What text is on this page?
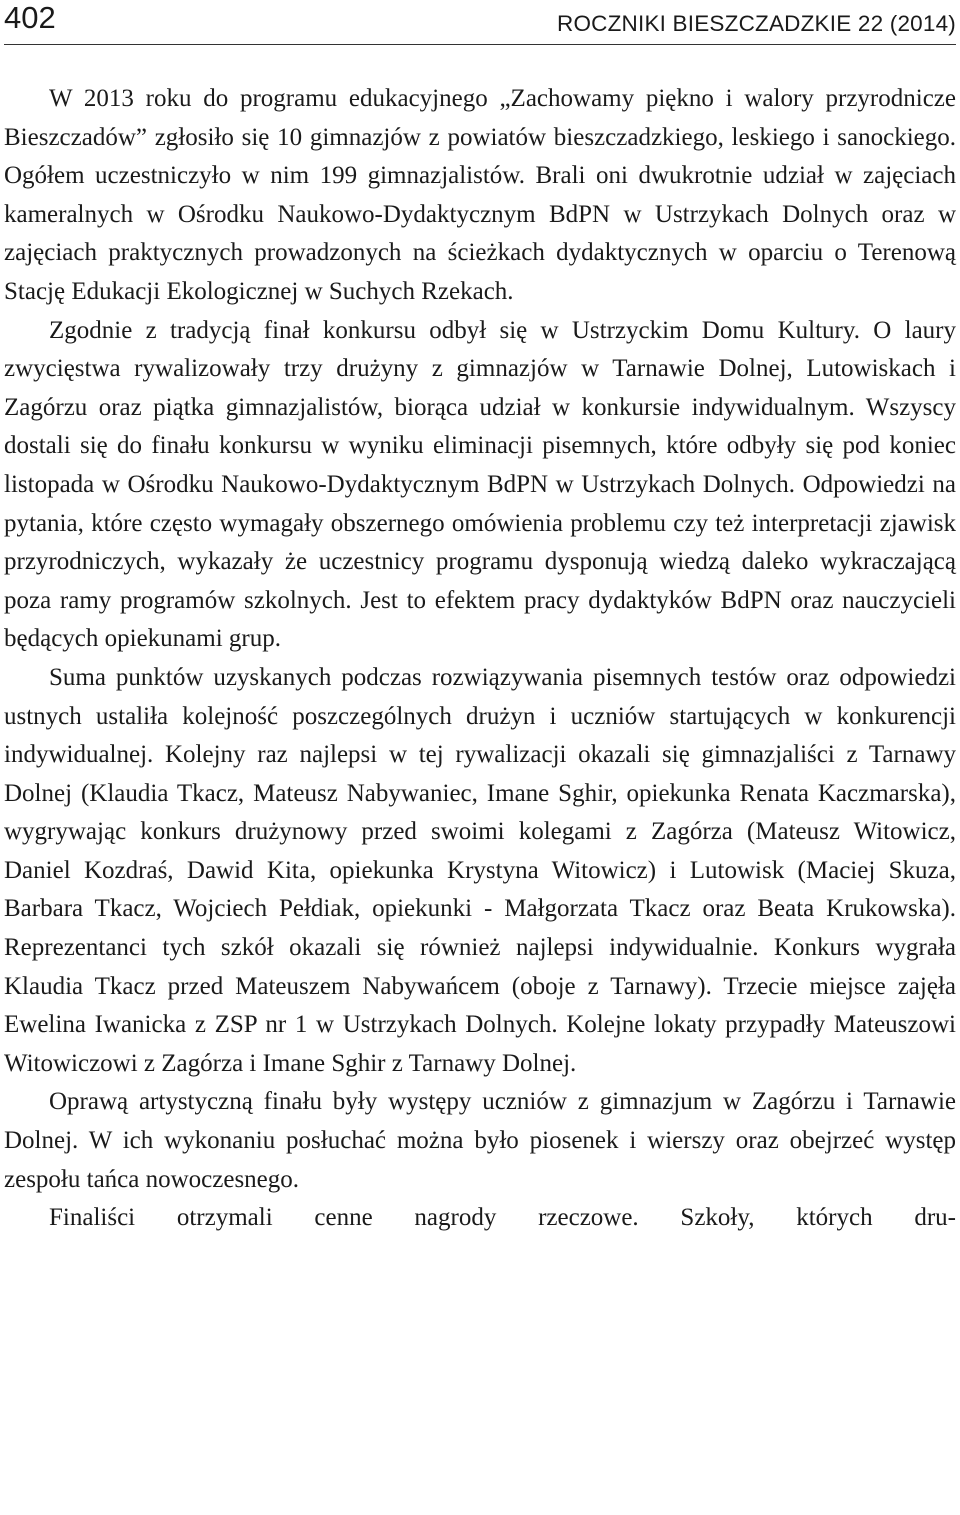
402	ROCZNIKI BIESZCZADZKIE 22 (2014)

W 2013 roku do programu edukacyjnego „Zachowamy piękno i walory przyrodnicze Bieszczadów” zgłosiło się 10 gimnazjów z powiatów bieszczadzkiego, leskiego i sanockiego. Ogółem uczestniczyło w nim 199 gimnazjalistów. Brali oni dwukrotnie udział w zajęciach kameralnych w Ośrodku Naukowo-Dydaktycznym BdPN w Ustrzykach Dolnych oraz w zajęciach praktycznych prowadzonych na ścieżkach dydaktycznych w oparciu o Terenową Stację Edukacji Ekologicznej w Suchych Rzekach.

Zgodnie z tradycją finał konkursu odbył się w Ustrzyckim Domu Kultury. O laury zwycięstwa rywalizowały trzy drużyny z gimnazjów w Tarnawie Dolnej, Lutowiskach i Zagórzu oraz piątka gimnazjalistów, biorąca udział w konkursie indywidualnym. Wszyscy dostali się do finału konkursu w wyniku eliminacji pisemnych, które odbyły się pod koniec listopada w Ośrodku Naukowo-Dydaktycznym BdPN w Ustrzykach Dolnych. Odpowiedzi na pytania, które często wymagały obszernego omówienia problemu czy też interpretacji zjawisk przyrodniczych, wykazały że uczestnicy programu dysponują wiedzą daleko wykraczającą poza ramy programów szkolnych. Jest to efektem pracy dydaktyków BdPN oraz nauczycieli będących opiekunami grup.

Suma punktów uzyskanych podczas rozwiązywania pisemnych testów oraz odpowiedzi ustnych ustaliła kolejność poszczególnych drużyn i uczniów startujących w konkurencji indywidualnej. Kolejny raz najlepsi w tej rywalizacji okazali się gimnazjaliści z Tarnawy Dolnej (Klaudia Tkacz, Mateusz Nabywaniec, Imane Sghir, opiekunka Renata Kaczmarska), wygrywając konkurs drużynowy przed swoimi kolegami z Zagórza (Mateusz Witowicz, Daniel Kozdraś, Dawid Kita, opiekunka Krystyna Witowicz) i Lutowisk (Maciej Skuza, Barbara Tkacz, Wojciech Pełdiak, opiekunki - Małgorzata Tkacz oraz Beata Krukowska). Reprezentanci tych szkół okazali się również najlepsi indywidualnie. Konkurs wygrała Klaudia Tkacz przed Mateuszem Nabywańcem (oboje z Tarnawy). Trzecie miejsce zajęła Ewelina Iwanicka z ZSP nr 1 w Ustrzykach Dolnych. Kolejne lokaty przypadły Mateuszowi Witowiczowi z Zagórza i Imane Sghir z Tarnawy Dolnej.

Oprawą artystyczną finału były występy uczniów z gimnazjum w Zagórzu i Tarnawie Dolnej. W ich wykonaniu posłuchać można było piosenek i wierszy oraz obejrzeć występ zespołu tańca nowoczesnego.

Finaliści otrzymali cenne nagrody rzeczowe. Szkoły, których dru-
